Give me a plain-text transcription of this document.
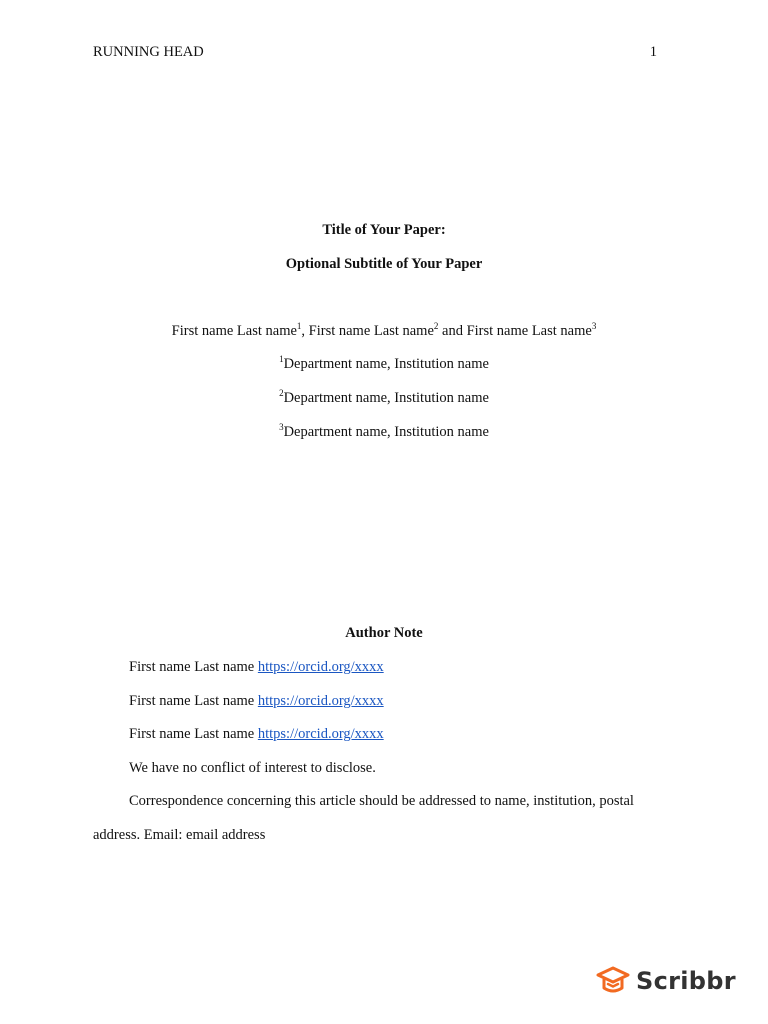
RUNNING HEAD	1
Title of Your Paper:
Optional Subtitle of Your Paper
First name Last name$^1$, First name Last name$^2$ and First name Last name$^3$
$^1$Department name, Institution name
$^2$Department name, Institution name
$^3$Department name, Institution name
Author Note
First name Last name https://orcid.org/xxxx
First name Last name https://orcid.org/xxxx
First name Last name https://orcid.org/xxxx
We have no conflict of interest to disclose.
Correspondence concerning this article should be addressed to name, institution, postal
address. Email: email address
Scribbr
